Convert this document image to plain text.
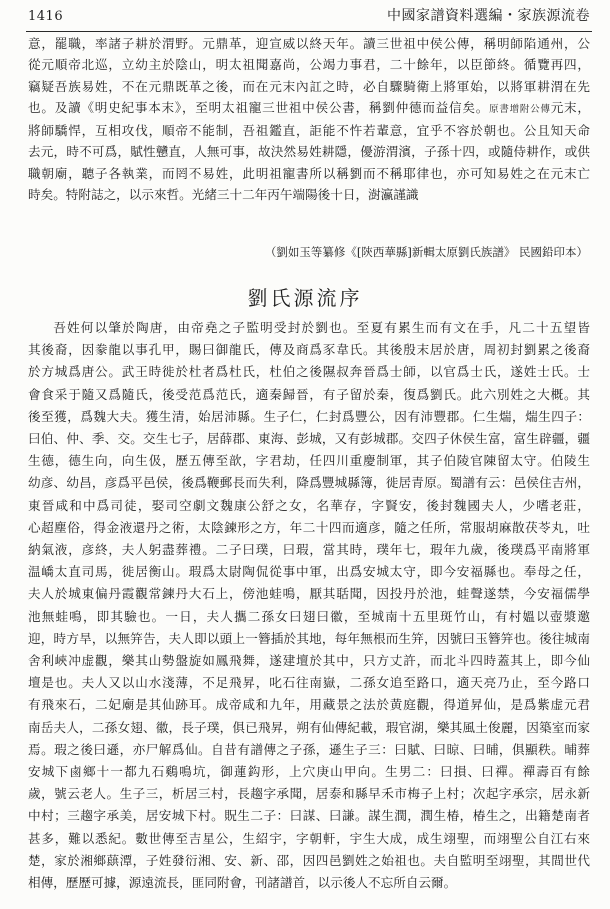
1416	中國家譜資料選編・家族源流卷
意，罷職，率諸子耕於渭野。元鼎革，迎宣威以終天年。讀三世祖中侯公傳，稱明師陷通州，公
從元順帝北巡，立幼主於陰山，明太祖聞嘉尚，公竭力事君，二十餘年，以臣節終。循覽再四，
竊疑吾族易姓，不在元鼎既革之後，而在元末內訌之時，必自驟騎衛上將軍始，以將軍耕渭在先
也。及讀《明史紀事本末》，至明太祖寵三世祖中侯公書，稱劉仲德而益信矣。原書增附公傳元末，
將師驕悍，互相攻伐，順帝不能制，吾祖鑑直，詎能不忤若輩意，宜乎不容於朝也。公且知天命
去元，時不可爲，賦性戇直，人無可事，故決然易姓耕隱，優游渭濱，子孫十四，或隨侍耕作，或供
職朝廟，聽子各執業，而罔不易姓，此明祖寵書所以稱劉而不稱耶律也，亦可知易姓之在元末亡
時矣。特附誌之，以示來哲。光緒三十二年丙午端陽後十日，澍瀛謹識
（劉如玉等纂修《[陝西華縣]新輯太原劉氏族譜》 民國鉛印本）
劉氏源流序
吾姓何以肇於陶唐，由帝堯之子監明受封於劉也。至夏有累生而有文在手，凡二十五望皆
其後裔，因豢龍以事孔甲，賜曰御龍氏，傳及商爲豕韋氏。其後殷末居於唐，周初封劉累之後裔
於方城爲唐公。武王時徙於杜者爲杜氏，杜伯之後隰叔奔晉爲士師，以官爲士氏，遂姓士氏。士
會食采于隨又爲隨氏，後受范爲范氏，適秦歸晉，有子留於秦，復爲劉氏。此六別姓之大概。其
後至獲，爲魏大夫。獲生清，始居沛縣。生子仁，仁封爲豐公，因有沛豐郡。仁生煓，煓生四子：
曰伯、仲、季、交。交生七子，居薛郡、東海、彭城，又有彭城郡。交四子休侯生富，富生辟疆，疆
生德，德生向，向生伋，歷五傳至歆，字君劫，任四川重慶制軍，其子伯陵官陳留太守。伯陵生
幼彦、幼昌，彦爲平邑侯，後爲鞭郵長而失利，降爲豐城縣簿，徙居青原。蜀譜有云：邑侯住吉州，
東晉咸和中爲司徒，娶司空劇文魏康公舒之女，名華存，字賢安，後封魏國夫人，少嗜老莊，
心超塵俗，得金液還丹之術，太陰鍊形之方，年二十四而適彦，隨之任所，常服胡麻散茯苓丸，吐
納氣液，彦終，夫人躬盡葬禮。二子曰璞，曰瑕，當其時，璞年七，瑕年九歲，後璞爲平南將軍
温嶠太直司馬，徙居衡山。瑕爲太尉陶侃從事中軍，出爲安城太守，即今安福縣也。奉母之任，
夫人於城東偏丹霞觀常鍊丹大石上，傍池蛙鳴，厭其聒聞，因投丹於池，蛙聲遂禁，今安福儒學
池無蛙鳴，即其驗也。一日，夫人攜二孫女曰翅曰徽，至城南十五里斑竹山，有村媼以壺漿邀
迎，時方旱，以無笄告，夫人即以頭上一簪插於其地，每年無根而生笄，因號曰玉簪笄也。後往城南
舍利峽冲虚觀，樂其山勢盤旋如鳳飛舞，遂建壇於其中，只方丈許，而北斗四時蓋其上，即今仙
壇是也。夫人又以山水淺薄，不足飛昇，叱石往南嶽，二孫女追至路口，適天亮乃止，至今路口
有飛來石，二妃廟是其仙跡耳。成帝咸和九年，用藏景之法於黄庭觀，得道昇仙，是爲紫虚元君
南岳夫人，二孫女翅、徽，長子璞，俱已飛昇，朔有仙傳紀載，瑕官湖，樂其風土俊麗，因築室而家
焉。瑕之後曰遜，亦尸解爲仙。自昔有譜傳之子孫，遜生子三：曰賦、曰晾、曰晡，俱顯秩。晡葬
安城下鹵鄉十一都九石鷄鳴坑，御蓮鈎形，上穴庚山甲向。生男二：曰損、曰禪。禪壽百有餘
歲，號云老人。生子三，析居三村，長趨字承聞，居泰和縣早禾市梅子上村；次起字承宗，居永新
中村；三趨字承美，居安城下村。貺生二子：曰謀、曰謙。謀生潤，潤生椿，椿生之，出籍楚南者
甚多，難以悉紀。數世傳至吉星公，生紹宇，字朝軒，宇生大成，成生翊聖，而翊聖公自江右來
楚，家於湘鄉蕻潭，子姓發衍湘、安、新、邵，因四邑劉姓之始祖也。夫自監明至翊聖，其間世代
相傳，歷歷可據，源遠流長，匪同附會，刊諸譜首，以示後人不忘所自云爾。
